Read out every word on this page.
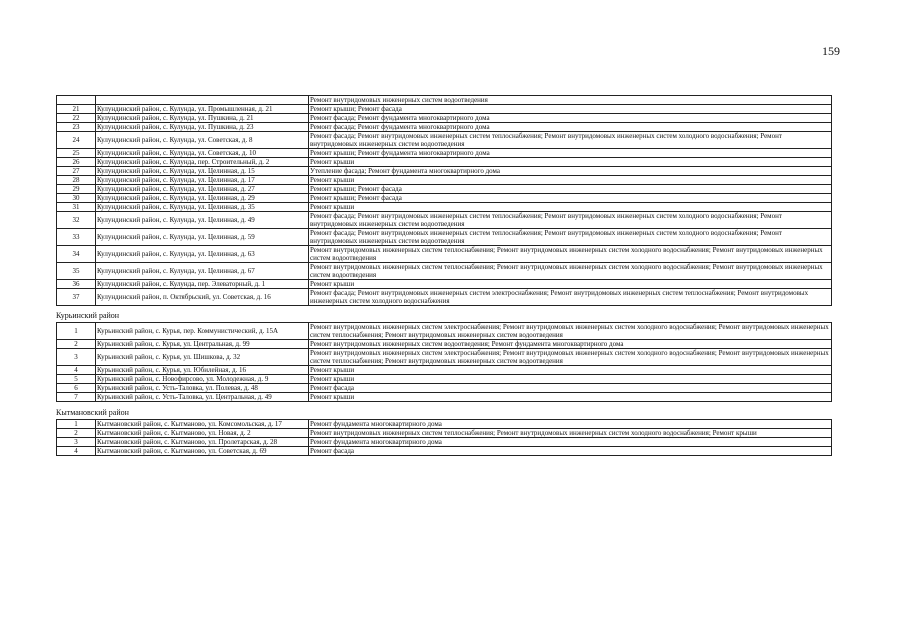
159
		Ремонт внутридомовых инженерных систем водоотведения
21	Кулундинский район, с. Кулунда, ул. Промышленная, д. 21	Ремонт крыши; Ремонт фасада
22	Кулундинский район, с. Кулунда, ул. Пушкина, д. 21	Ремонт фасада; Ремонт фундамента многоквартирного дома
23	Кулундинский район, с. Кулунда, ул. Пушкина, д. 23	Ремонт фасада; Ремонт фундамента многоквартирного дома
24	Кулундинский район, с. Кулунда, ул. Советская, д. 8	Ремонт фасада; Ремонт внутридомовых инженерных систем теплоснабжения; Ремонт внутридомовых инженерных систем холодного водоснабжения; Ремонт внутридомовых инженерных систем водоотведения
25	Кулундинский район, с. Кулунда, ул. Советская, д. 10	Ремонт крыши; Ремонт фундамента многоквартирного дома
26	Кулундинский район, с. Кулунда, пер. Строительный, д. 2	Ремонт крыши
27	Кулундинский район, с. Кулунда, ул. Целинная, д. 15	Утепление фасада; Ремонт фундамента многоквартирного дома
28	Кулундинский район, с. Кулунда, ул. Целинная, д. 17	Ремонт крыши
29	Кулундинский район, с. Кулунда, ул. Целинная, д. 27	Ремонт крыши; Ремонт фасада
30	Кулундинский район, с. Кулунда, ул. Целинная, д. 29	Ремонт крыши; Ремонт фасада
31	Кулундинский район, с. Кулунда, ул. Целинная, д. 35	Ремонт крыши
32	Кулундинский район, с. Кулунда, ул. Целинная, д. 49	Ремонт фасада; Ремонт внутридомовых инженерных систем теплоснабжения; Ремонт внутридомовых инженерных систем холодного водоснабжения; Ремонт внутридомовых инженерных систем водоотведения
33	Кулундинский район, с. Кулунда, ул. Целинная, д. 59	Ремонт фасада; Ремонт внутридомовых инженерных систем теплоснабжения; Ремонт внутридомовых инженерных систем холодного водоснабжения; Ремонт внутридомовых инженерных систем водоотведения
34	Кулундинский район, с. Кулунда, ул. Целинная, д. 63	Ремонт внутридомовых инженерных систем теплоснабжения; Ремонт внутридомовых инженерных систем холодного водоснабжения; Ремонт внутридомовых инженерных систем водоотведения
35	Кулундинский район, с. Кулунда, ул. Целинная, д. 67	Ремонт внутридомовых инженерных систем теплоснабжения; Ремонт внутридомовых инженерных систем холодного водоснабжения; Ремонт внутридомовых инженерных систем водоотведения
36	Кулундинский район, с. Кулунда, пер. Элеваторный, д. 1	Ремонт крыши
37	Кулундинский район, п. Октябрьский, ул. Советская, д. 16	Ремонт фасада; Ремонт внутридомовых инженерных систем электроснабжения; Ремонт внутридомовых инженерных систем теплоснабжения; Ремонт внутридомовых инженерных систем холодного водоснабжения
Курьинский район
1	Курьинский район, с. Курья, пер. Коммунистический, д. 15А	Ремонт внутридомовых инженерных систем электроснабжения; Ремонт внутридомовых инженерных систем холодного водоснабжения; Ремонт внутридомовых инженерных систем теплоснабжения; Ремонт внутридомовых инженерных систем водоотведения
2	Курьинский район, с. Курья, ул. Центральная, д. 99	Ремонт внутридомовых инженерных систем водоотведения; Ремонт фундамента многоквартирного дома
3	Курьинский район, с. Курья, ул. Шишкова, д. 32	Ремонт внутридомовых инженерных систем электроснабжения; Ремонт внутридомовых инженерных систем холодного водоснабжения; Ремонт внутридомовых инженерных систем теплоснабжения; Ремонт внутридомовых инженерных систем водоотведения
4	Курьинский район, с. Курья, ул. Юбилейная, д. 16	Ремонт крыши
5	Курьинский район, с. Новофирсово, ул. Молодежная, д. 9	Ремонт крыши
6	Курьинский район, с. Усть-Таловка, ул. Полевая, д. 48	Ремонт фасада
7	Курьинский район, с. Усть-Таловка, ул. Центральная, д. 49	Ремонт крыши
Кытмановский район
1	Кытмановский район, с. Кытманово, ул. Комсомольская, д. 17	Ремонт фундамента многоквартирного дома
2	Кытмановский район, с. Кытманово, ул. Новая, д. 2	Ремонт внутридомовых инженерных систем теплоснабжения; Ремонт внутридомовых инженерных систем холодного водоснабжения; Ремонт крыши
3	Кытмановский район, с. Кытманово, ул. Пролетарская, д. 28	Ремонт фундамента многоквартирного дома
4	Кытмановский район, с. Кытманово, ул. Советская, д. 69	Ремонт фасада
